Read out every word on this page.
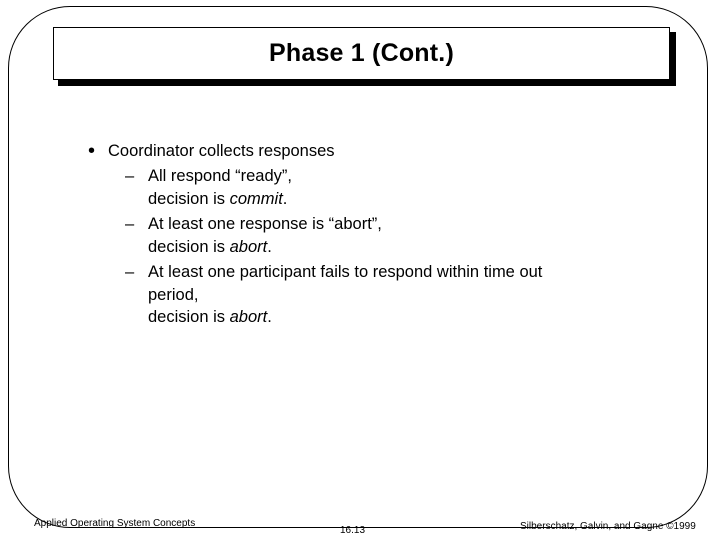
Phase 1 (Cont.)
• Coordinator collects responses
– All respond “ready”,
decision is commit.
– At least one response is “abort”,
decision is abort.
– At least one participant fails to respond within time out
period,
decision is abort.
Applied Operating System Concepts
16.13	Silberschatz, Galvin, and Gagne ©1999
